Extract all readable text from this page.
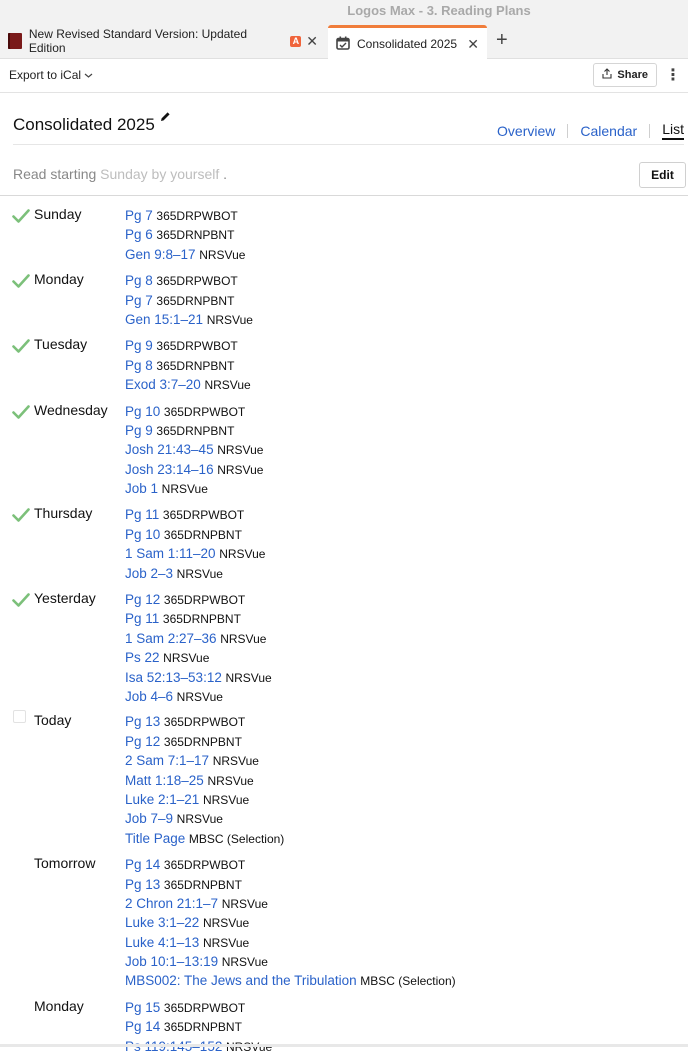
Logos Max - 3. Reading Plans
New Revised Standard Version: Updated Edition
A ✕	Consolidated 2025 ✕ +
Export to iCal	Share ⋮
Consolidated 2025	Overview Calendar List
Read starting Sunday by yourself .	Edit
Sunday	Pg 7 365DRPWBOT
Pg 6 365DRNPBNT
Gen 9:8–17 NRSVue
Monday	Pg 8 365DRPWBOT
Pg 7 365DRNPBNT
Gen 15:1–21 NRSVue
Tuesday	Pg 9 365DRPWBOT
Pg 8 365DRNPBNT
Exod 3:7–20 NRSVue
Wednesday Pg 10 365DRPWBOT
Pg 9 365DRNPBNT
Josh 21:43–45 NRSVue
Josh 23:14–16 NRSVue
Job 1 NRSVue
Thursday Pg 11 365DRPWBOT
Pg 10 365DRNPBNT
1 Sam 1:11–20 NRSVue
Job 2–3 NRSVue
Yesterday Pg 12 365DRPWBOT
Pg 11 365DRNPBNT
1 Sam 2:27–36 NRSVue
Ps 22 NRSVue
Isa 52:13–53:12 NRSVue
Job 4–6 NRSVue
Today	Pg 13 365DRPWBOT
Pg 12 365DRNPBNT
2 Sam 7:1–17 NRSVue
Matt 1:18–25 NRSVue
Luke 2:1–21 NRSVue
Job 7–9 NRSVue
Title Page MBSC (Selection)
Tomorrow Pg 14 365DRPWBOT
Pg 13 365DRNPBNT
2 Chron 21:1–7 NRSVue
Luke 3:1–22 NRSVue
Luke 4:1–13 NRSVue
Job 10:1–13:19 NRSVue
MBS002: The Jews and the Tribulation MBSC (Selection)
Monday	Pg 15 365DRPWBOT
Pg 14 365DRNPBNT
